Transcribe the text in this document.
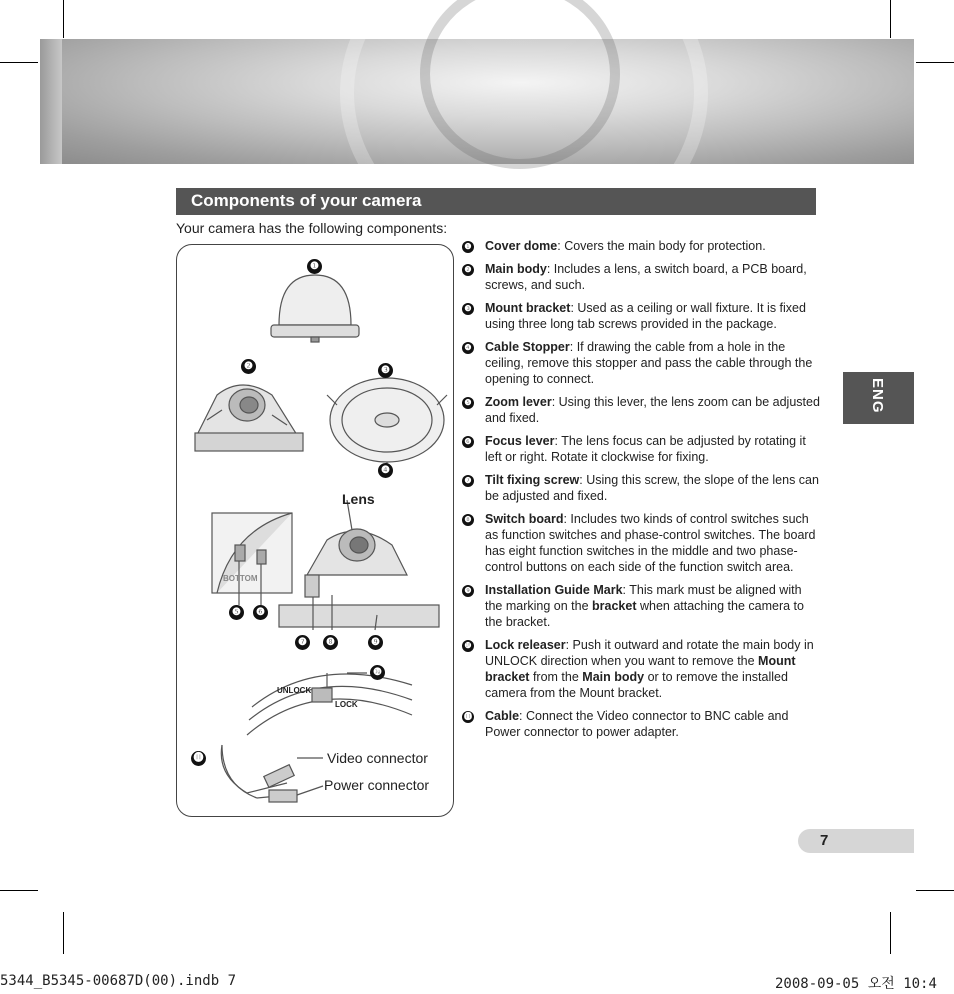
Components of your camera
Your camera has the following components:
❶
❷	❸
❹
Lens
BOTTOM
❺	❻
❼	❽	❾
❿
UNLOCK
LOCK
⓫	Video connector
Power connector
❶ Cover dome: Covers the main body for protection.
❷ Main body: Includes a lens, a switch board, a PCB board, screws, and such.
❸ Mount bracket: Used as a ceiling or wall fixture. It is fixed using three long tab screws provided in the package.
❹ Cable Stopper: If drawing the cable from a hole in the ceiling, remove this stopper and pass the cable through the opening to connect.
❺ Zoom lever: Using this lever, the lens zoom can be adjusted and fixed.
❻ Focus lever: The lens focus can be adjusted by rotating it left or right. Rotate it clockwise for fixing.
❼ Tilt fixing screw: Using this screw, the slope of the lens can be adjusted and fixed.
❽ Switch board: Includes two kinds of control switches such as function switches and phase-control switches. The board has eight function switches in the middle and two phase-control buttons on each side of the function switch area.
❾ Installation Guide Mark: This mark must be aligned with the marking on the bracket when attaching the camera to the bracket.
❿ Lock releaser: Push it outward and rotate the main body in UNLOCK direction when you want to remove the Mount bracket from the Main body or to remove the installed camera from the Mount bracket.
⓫ Cable: Connect the Video connector to BNC cable and Power connector to power adapter.
ENG
7
5344_B5345-00687D(00).indb 7	2008-09-05 오전 10:4
